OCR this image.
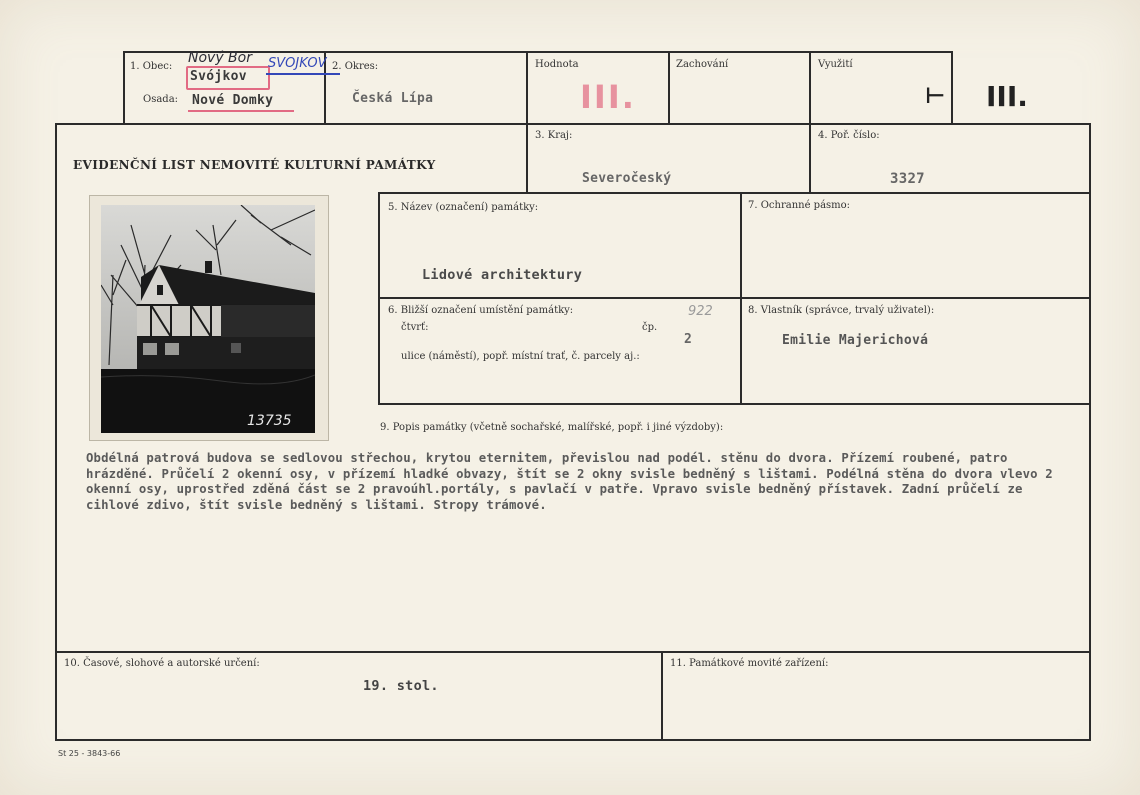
1. Obec:
Nový Bor
Svójkov
SVOJKOV
Osada: Nové Domky
2. Okres:
Česká Lípa
Hodnota
III.
Zachování	Využití
⊢ III.
EVIDENČNÍ LIST NEMOVITÉ KULTURNÍ PAMÁTKY
3. Kraj:
Severočeský
4. Poř. číslo:
3327
5. Název (označení) památky:
Lidové architektury
7. Ochranné pásmo:
6. Bližší označení umístění památky:
čtvrť:	čp.
922
2
ulice (náměstí), popř. místní trať, č. parcely aj.:
8. Vlastník (správce, trvalý uživatel):
Emilie Majerichová
9. Popis památky (včetně sochařské, malířské, popř. i jiné výzdoby):
Obdélná patrová budova se sedlovou střechou, krytou eternitem, převislou nad podél. stěnu do dvora. Přízemí roubené, patro hrázděné. Průčelí 2 okenní osy, v přízemí hladké obvazy, štít se 2 okny svisle bedněný s lištami. Podélná stěna do dvora vlevo 2 okenní osy, uprostřed zděná část se 2 pravoúhl.portály, s pavlačí v patře. Vpravo svisle bedněný přístavek. Zadní průčelí ze cihlové zdivo, štít svisle bedněný s lištami. Stropy trámové.
10. Časové, slohové a autorské určení:
19. stol.
11. Památkové movité zařízení:
St 25 - 3843-66
13735
